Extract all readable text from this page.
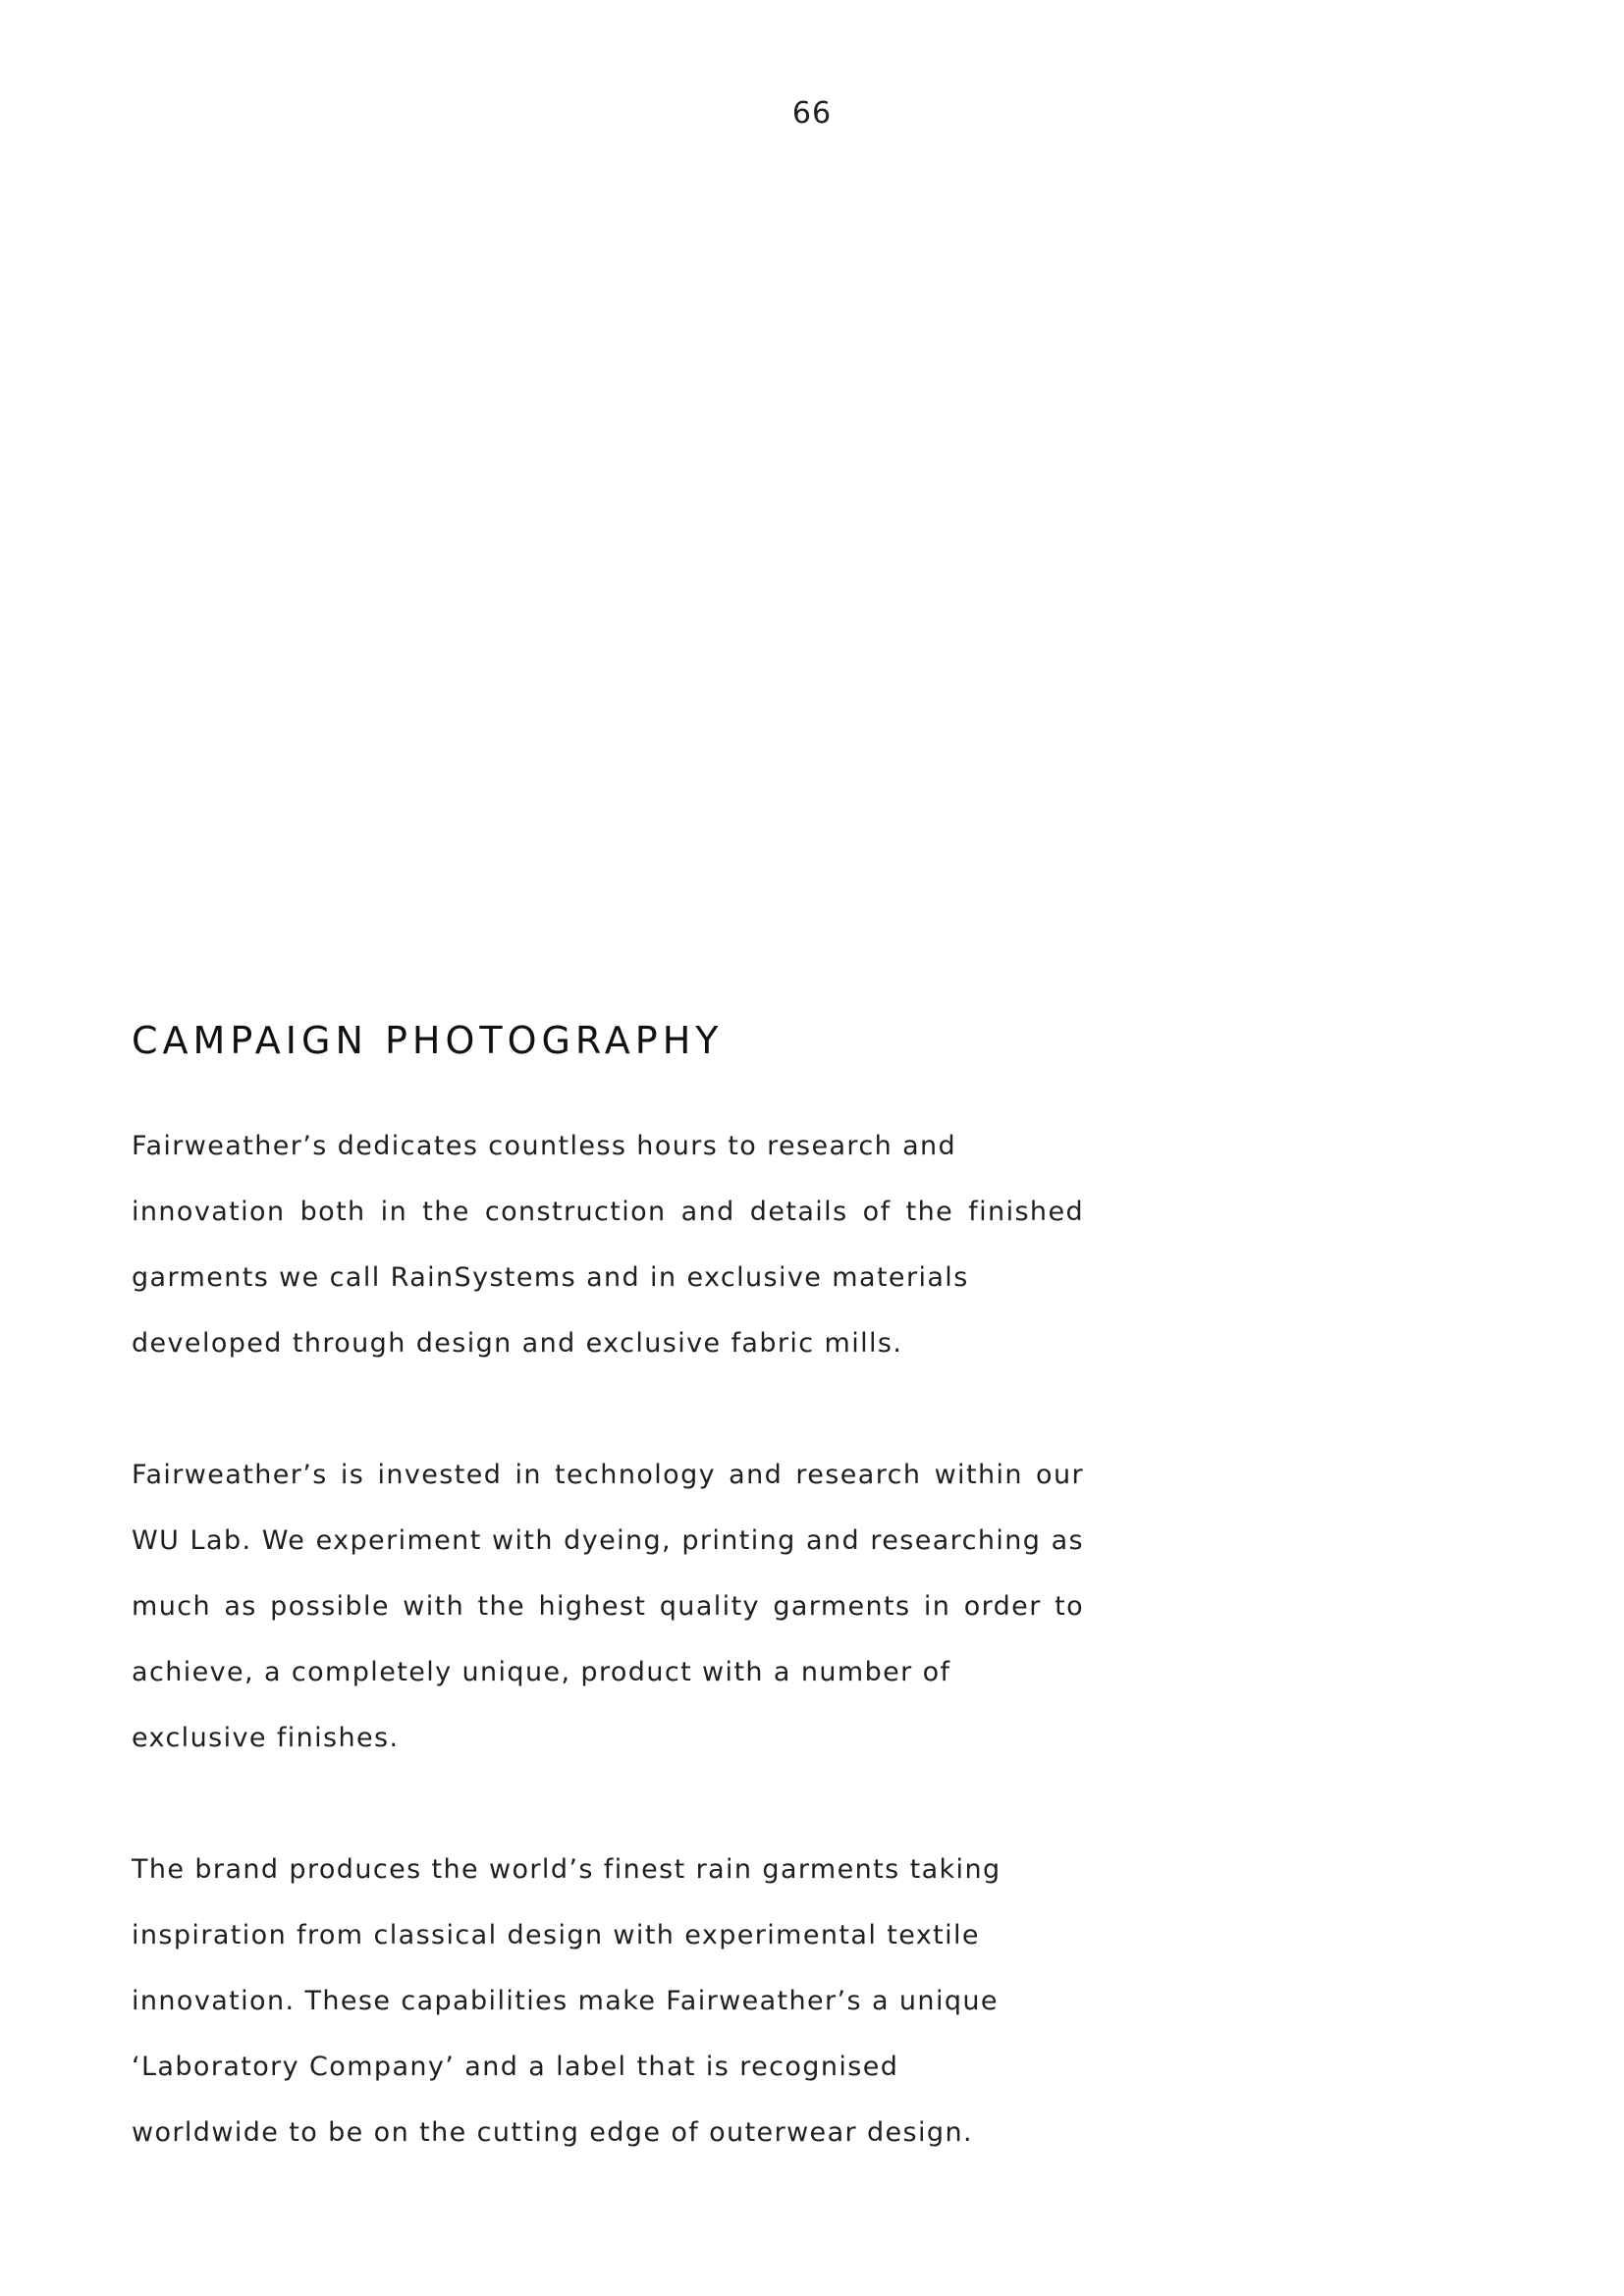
66
CAMPAIGN PHOTOGRAPHY

Fairweather’s dedicates countless hours to research and
innovation both in the construction and details of the finished
garments we call RainSystems and in exclusive materials
developed through design and exclusive fabric mills.

Fairweather’s is invested in technology and research within our
WU Lab. We experiment with dyeing, printing and researching as
much as possible with the highest quality garments in order to
achieve, a completely unique, product with a number of
exclusive finishes.

The brand produces the world’s finest rain garments taking
inspiration from classical design with experimental textile
innovation. These capabilities make Fairweather’s a unique
‘Laboratory Company’ and a label that is recognised
worldwide to be on the cutting edge of outerwear design.
